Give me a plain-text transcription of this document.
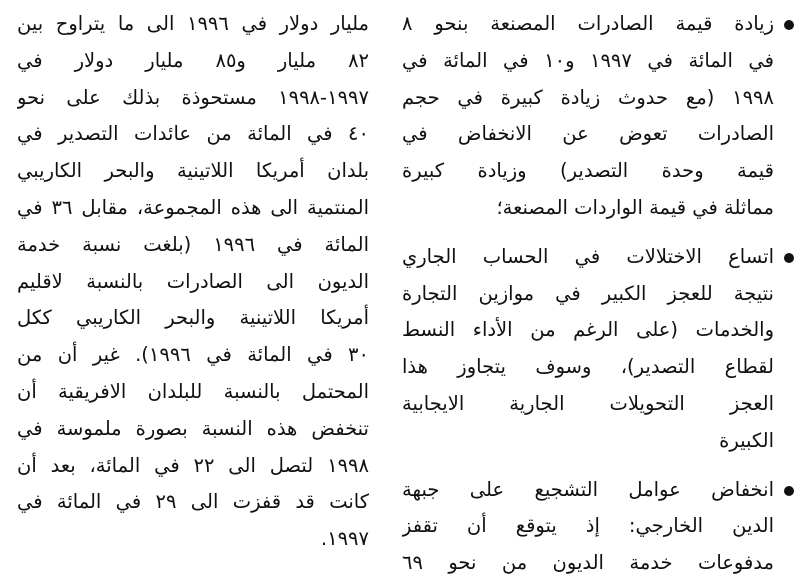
زيادة قيمة الصادرات المصنعة بنحو ٨
في المائة في ١٩٩٧ و١٠ في المائة في
١٩٩٨ (مع حدوث زيادة كبيرة في حجم
الصادرات تعوض عن الانخفاض في
قيمة وحدة التصدير) وزيادة كبيرة
مماثلة في قيمة الواردات المصنعة؛
اتساع الاختلالات في الحساب الجاري
نتيجة للعجز الكبير في موازين التجارة
والخدمات (على الرغم من الأداء النسط
لقطاع التصدير)، وسوف يتجاوز هذا
العجز التحويلات الجارية الايجابية
الكبيرة
انخفاض عوامل التشجيع على جبهة
الدين الخارجي: إذ يتوقع أن تقفز
مدفوعات خدمة الديون من نحو ٦٩
مليار دولار في ١٩٩٦ الى ما يتراوح بين
٨٢ مليار و٨٥ مليار دولار في
١٩٩٧-١٩٩٨ مستحوذة بذلك على نحو
٤٠ في المائة من عائدات التصدير في
بلدان أمريكا اللاتينية والبحر الكاريبي
المنتمية الى هذه المجموعة، مقابل ٣٦ في
المائة في ١٩٩٦ (بلغت نسبة خدمة
الديون الى الصادرات بالنسبة لاقليم
أمريكا اللاتينية والبحر الكاريبي ككل
٣٠ في المائة في ١٩٩٦). غير أن من
المحتمل بالنسبة للبلدان الافريقية أن
تنخفض هذه النسبة بصورة ملموسة في
١٩٩٨ لتصل الى ٢٢ في المائة، بعد أن
كانت قد قفزت الى ٢٩ في المائة في
١٩٩٧.
